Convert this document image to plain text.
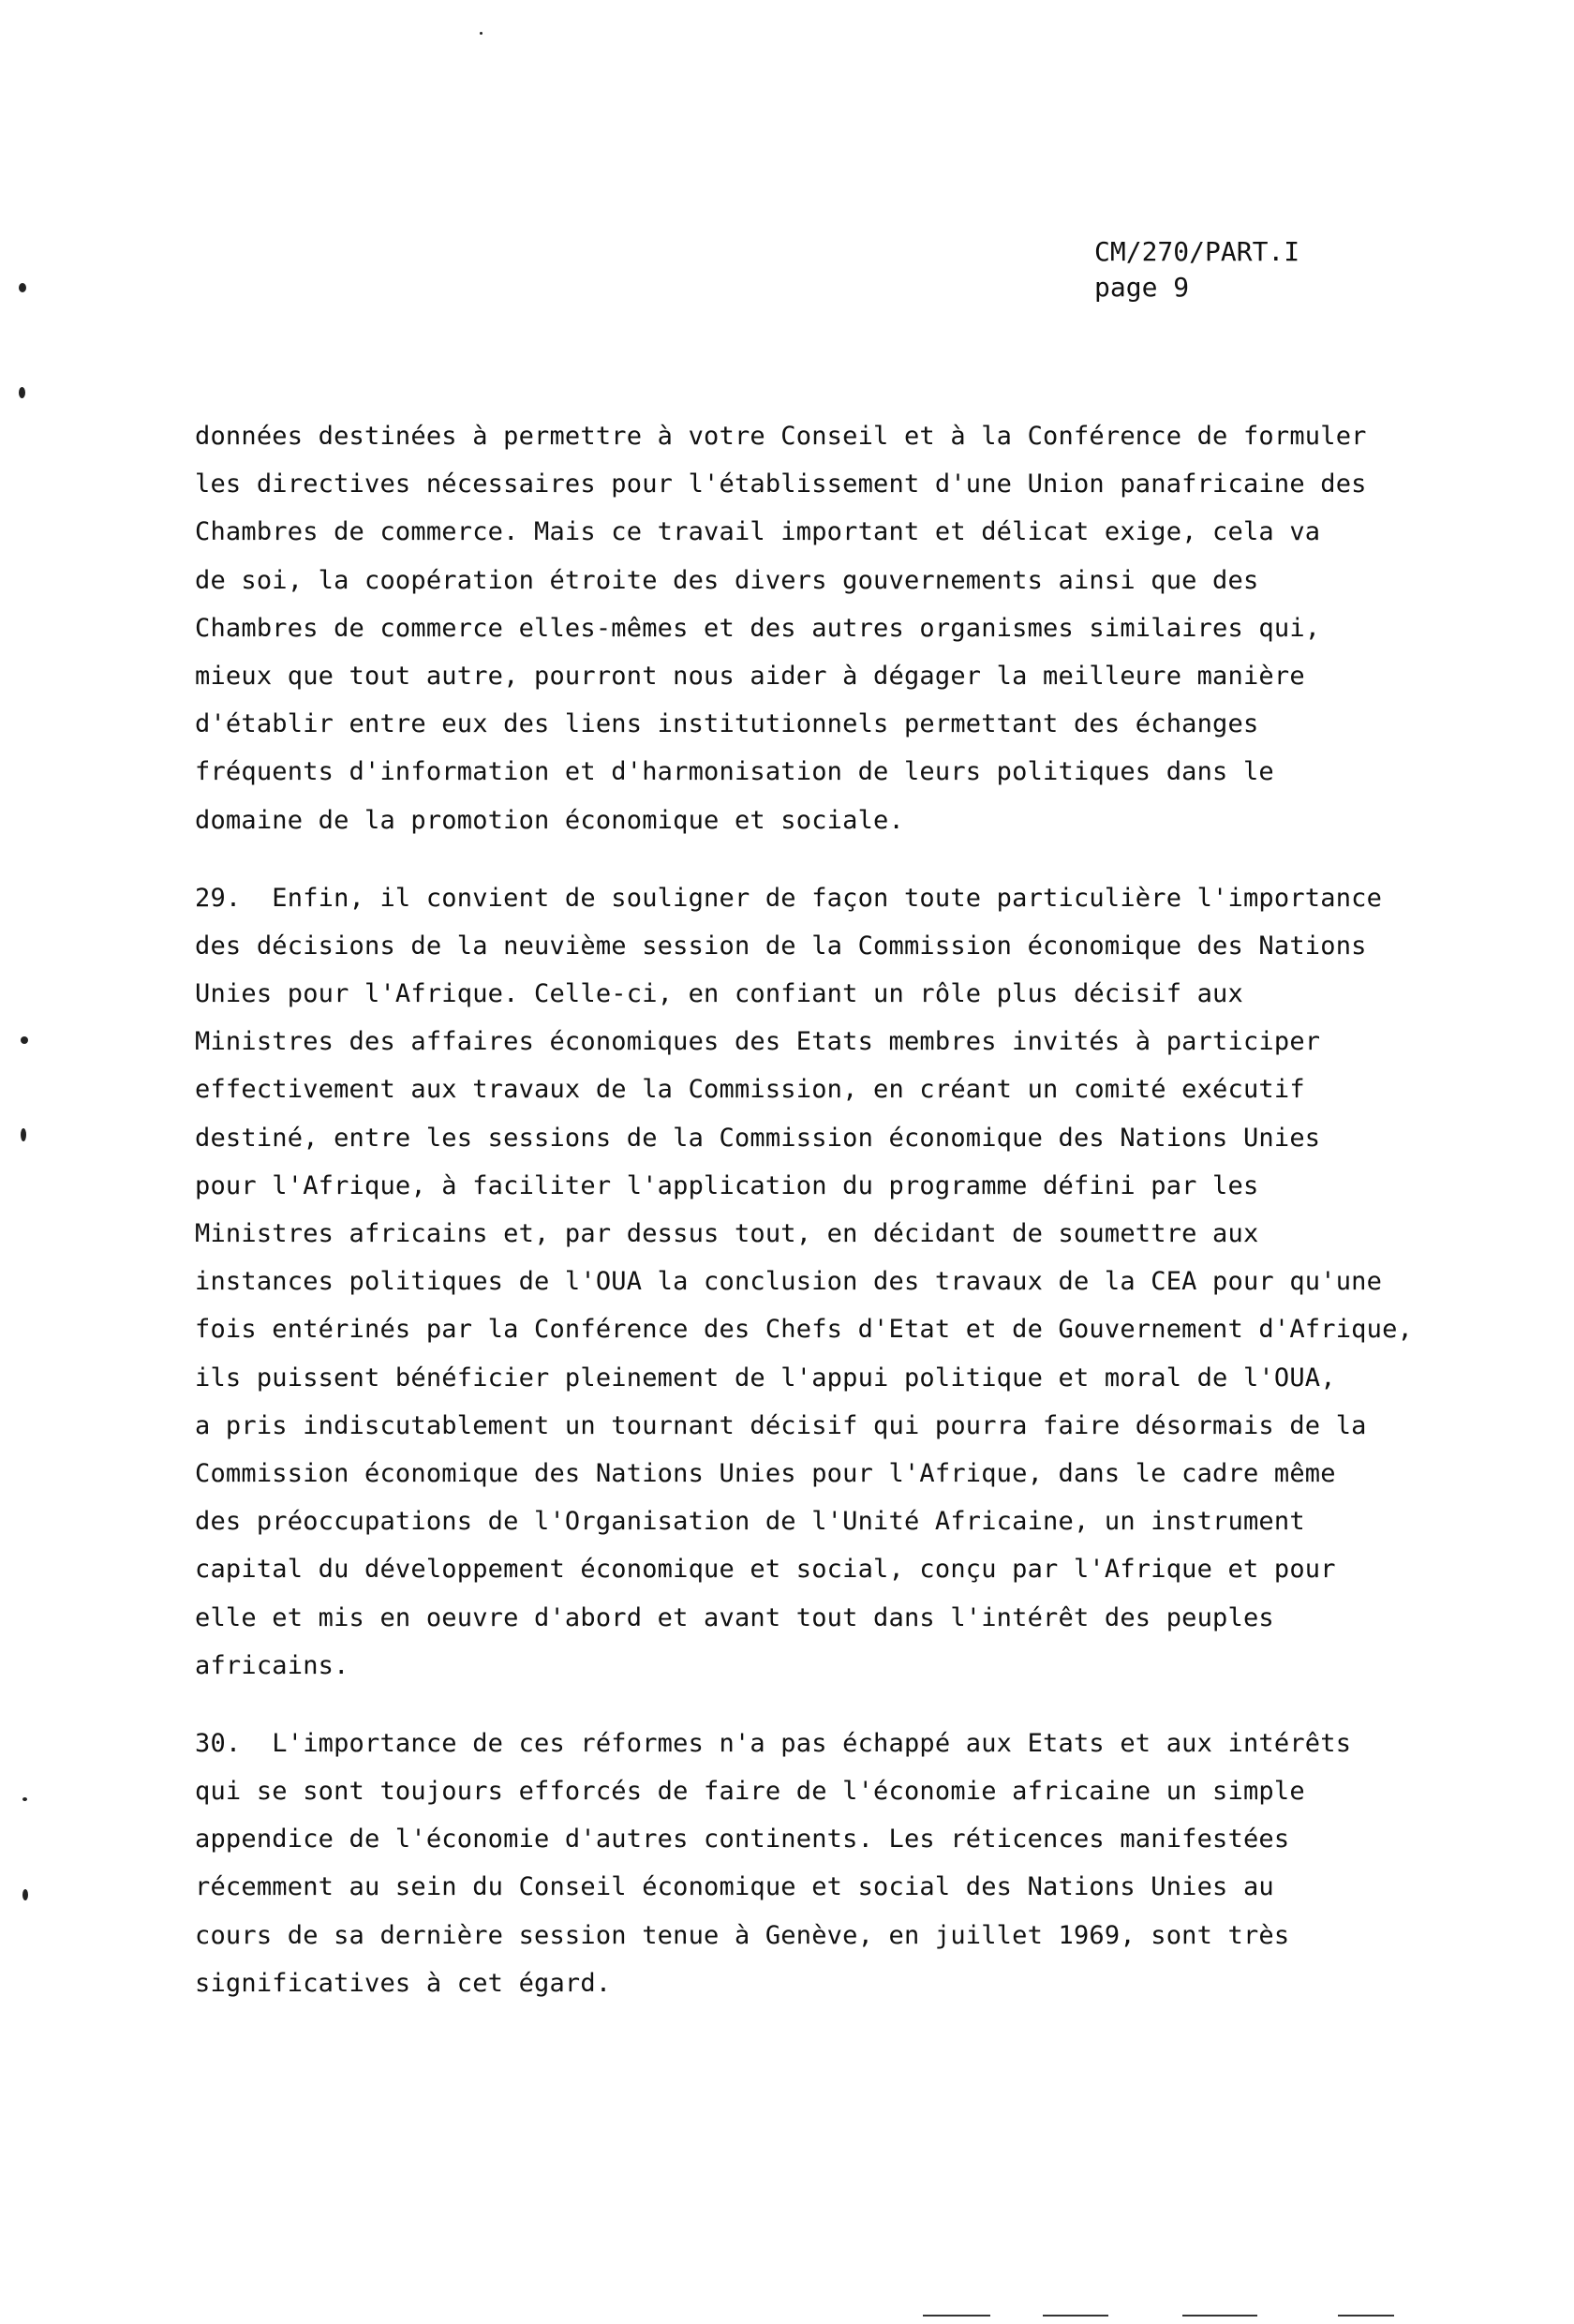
CM/270/PART.I
page 9
données destinées à permettre à votre Conseil et à la Conférence de formuler
les directives nécessaires pour l'établissement d'une Union panafricaine des
Chambres de commerce. Mais ce travail important et délicat exige, cela va
de soi, la coopération étroite des divers gouvernements ainsi que des
Chambres de commerce elles-mêmes et des autres organismes similaires qui,
mieux que tout autre, pourront nous aider à dégager la meilleure manière
d'établir entre eux des liens institutionnels permettant des échanges
fréquents d'information et d'harmonisation de leurs politiques dans le
domaine de la promotion économique et sociale.
29.  Enfin, il convient de souligner de façon toute particulière l'importance
des décisions de la neuvième session de la Commission économique des Nations
Unies pour l'Afrique. Celle-ci, en confiant un rôle plus décisif aux
Ministres des affaires économiques des Etats membres invités à participer
effectivement aux travaux de la Commission, en créant un comité exécutif
destiné, entre les sessions de la Commission économique des Nations Unies
pour l'Afrique, à faciliter l'application du programme défini par les
Ministres africains et, par dessus tout, en décidant de soumettre aux
instances politiques de l'OUA la conclusion des travaux de la CEA pour qu'une
fois entérinés par la Conférence des Chefs d'Etat et de Gouvernement d'Afrique,
ils puissent bénéficier pleinement de l'appui politique et moral de l'OUA,
a pris indiscutablement un tournant décisif qui pourra faire désormais de la
Commission économique des Nations Unies pour l'Afrique, dans le cadre même
des préoccupations de l'Organisation de l'Unité Africaine, un instrument
capital du développement économique et social, conçu par l'Afrique et pour
elle et mis en oeuvre d'abord et avant tout dans l'intérêt des peuples
africains.
30.  L'importance de ces réformes n'a pas échappé aux Etats et aux intérêts
qui se sont toujours efforcés de faire de l'économie africaine un simple
appendice de l'économie d'autres continents. Les réticences manifestées
récemment au sein du Conseil économique et social des Nations Unies au
cours de sa dernière session tenue à Genève, en juillet 1969, sont très
significatives à cet égard.
